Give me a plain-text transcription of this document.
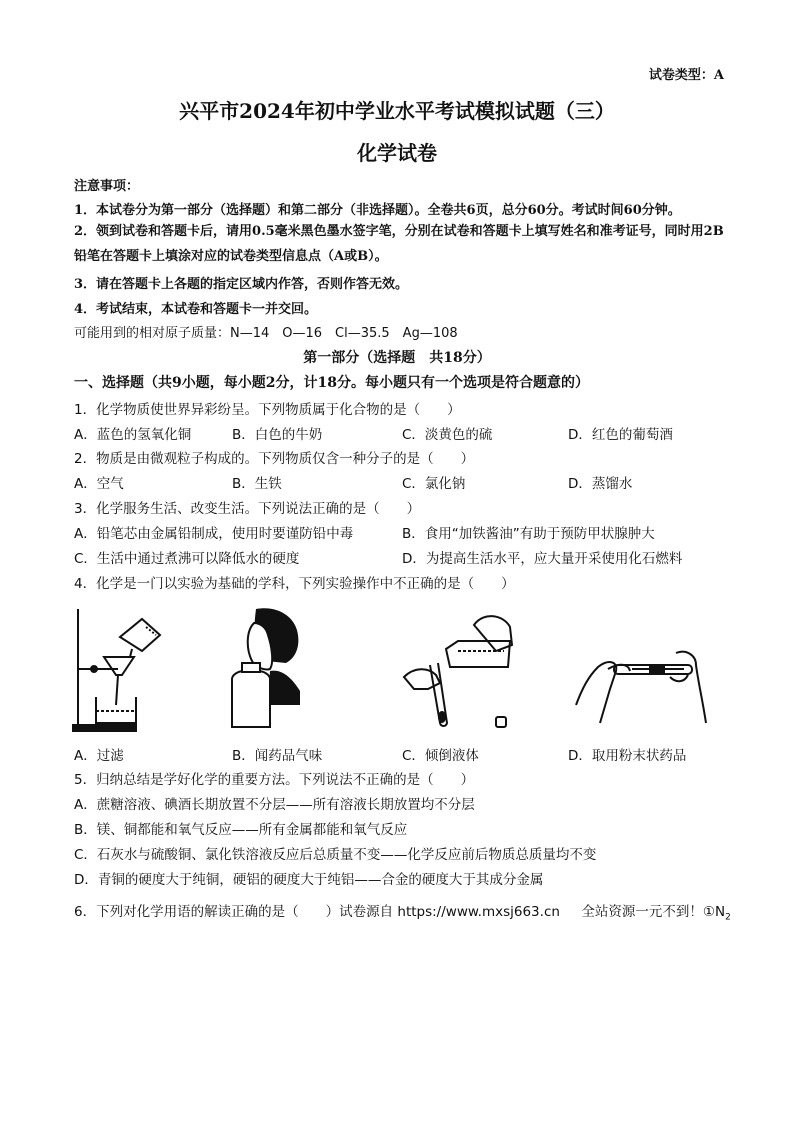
试卷类型：A
兴平市2024年初中学业水平考试模拟试题（三）
化学试卷
注意事项：
1．本试卷分为第一部分（选择题）和第二部分（非选择题）。全卷共6页，总分60分。考试时间60分钟。
2．领到试卷和答题卡后，请用0.5毫米黑色墨水签字笔，分别在试卷和答题卡上填写姓名和准考证号，同时用2B铅笔在答题卡上填涂对应的试卷类型信息点（A或B）。
3．请在答题卡上各题的指定区域内作答，否则作答无效。
4．考试结束，本试卷和答题卡一并交回。
可能用到的相对原子质量：N—14　O—16　Cl—35.5　Ag—108
第一部分（选择题　共18分）
一、选择题（共9小题，每小题2分，计18分。每小题只有一个选项是符合题意的）
1．化学物质使世界异彩纷呈。下列物质属于化合物的是（　　）
A．蓝色的氢氧化铜	B．白色的牛奶	C．淡黄色的硫	D．红色的葡萄酒
2．物质是由微观粒子构成的。下列物质仅含一种分子的是（　　）
A．空气	B．生铁	C．氯化钠	D．蒸馏水
3．化学服务生活、改变生活。下列说法正确的是（　　）
A．铅笔芯由金属铅制成，使用时要谨防铅中毒	B．食用“加铁酱油”有助于预防甲状腺肿大
C．生活中通过煮沸可以降低水的硬度	D．为提高生活水平，应大量开采使用化石燃料
4．化学是一门以实验为基础的学科，下列实验操作中不正确的是（　　）
A．过滤	B．闻药品气味	C．倾倒液体	D．取用粉末状药品
5．归纳总结是学好化学的重要方法。下列说法不正确的是（　　）
A．蔗糖溶液、碘酒长期放置不分层——所有溶液长期放置均不分层
B．镁、铜都能和氧气反应——所有金属都能和氧气反应
C．石灰水与硫酸铜、氯化铁溶液反应后总质量不变——化学反应前后物质总质量均不变
D．青铜的硬度大于纯铜，硬铝的硬度大于纯铝——合金的硬度大于其成分金属
6．下列对化学用语的解读正确的是（　　）试卷源自 https://www.mxsj663.cn 全站资源一元不到！$①N_2$
